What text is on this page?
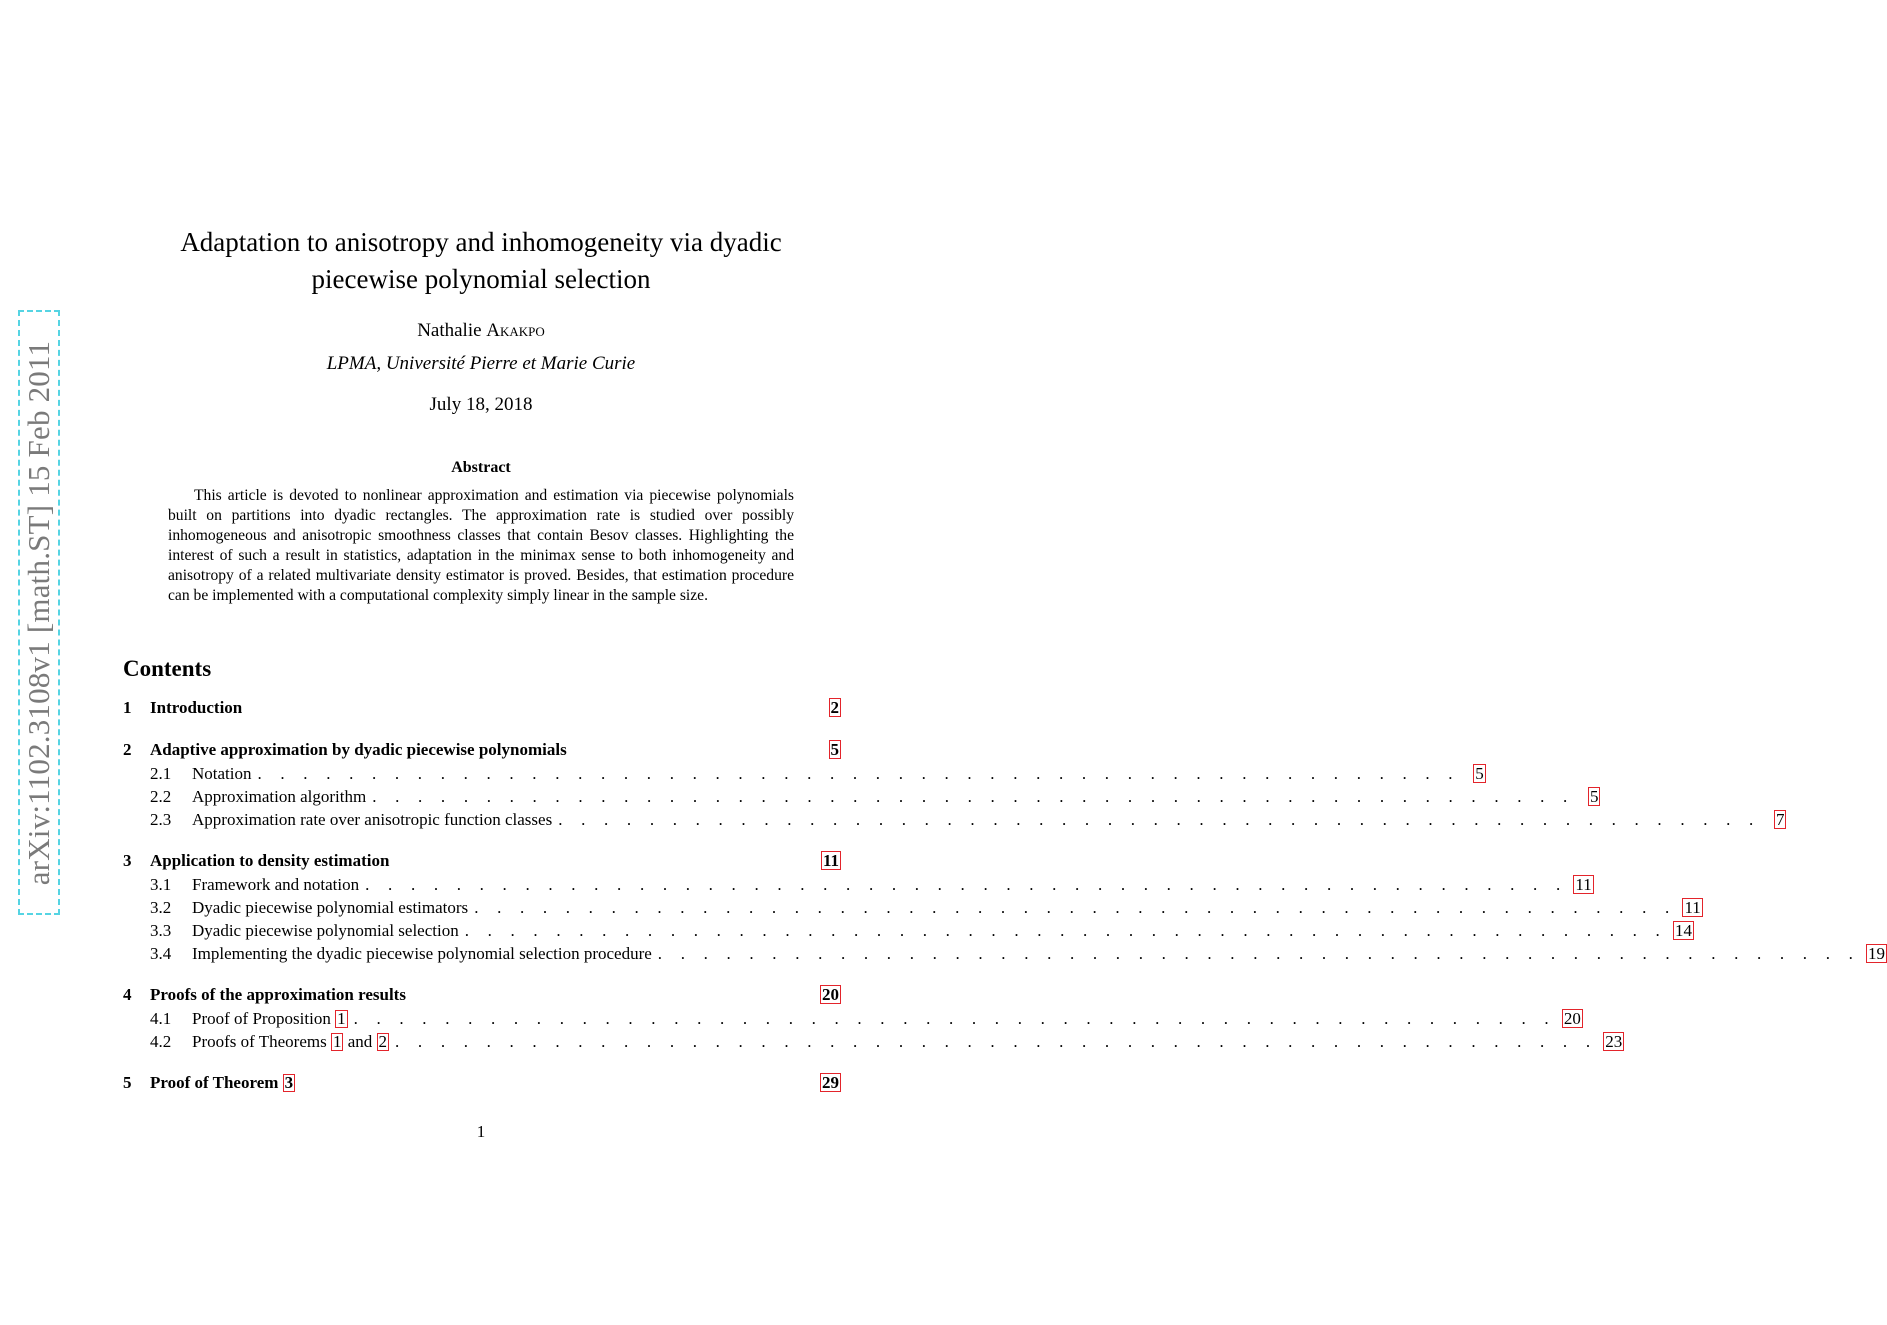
arXiv:1102.3108v1 [math.ST] 15 Feb 2011
Adaptation to anisotropy and inhomogeneity via dyadic
piecewise polynomial selection
Nathalie Akakpo
LPMA, Université Pierre et Marie Curie
July 18, 2018
Abstract

This article is devoted to nonlinear approximation and estimation via piecewise polynomials built on partitions into dyadic rectangles. The approximation rate is studied over possibly inhomogeneous and anisotropic smoothness classes that contain Besov classes. Highlighting the interest of such a result in statistics, adaptation in the minimax sense to both inhomogeneity and anisotropy of a related multivariate density estimator is proved. Besides, that estimation procedure can be implemented with a computational complexity simply linear in the sample size.

Contents
1	Introduction	2
2	Adaptive approximation by dyadic piecewise polynomials	5
2.1	Notation . . . . . . . . . . . . . . . . . . . . . . . . . . . . . . . . . . . . . . . . . . . . . . . . . . . . . 5
2.2	Approximation algorithm . . . . . . . . . . . . . . . . . . . . . . . . . . . . . . . . . . . . . . . . . . . . . . . . . . . . . 5
2.3	Approximation rate over anisotropic function classes . . . . . . . . . . . . . . . . . . . . . . . . . . . . . . . . . . . . . . . . . . . . . . . . . . . . . 7
3	Application to density estimation	11
3.1	Framework and notation . . . . . . . . . . . . . . . . . . . . . . . . . . . . . . . . . . . . . . . . . . . . . . . . . . . . . 11
3.2	Dyadic piecewise polynomial estimators . . . . . . . . . . . . . . . . . . . . . . . . . . . . . . . . . . . . . . . . . . . . . . . . . . . . . 11
3.3	Dyadic piecewise polynomial selection . . . . . . . . . . . . . . . . . . . . . . . . . . . . . . . . . . . . . . . . . . . . . . . . . . . . . 14
3.4	Implementing the dyadic piecewise polynomial selection procedure . . . . . . . . . . . . . . . . . . . . . . . . . . . . . . . . . . . . . . . . . . . . . . . . . . . . . 19
4	Proofs of the approximation results	20
4.1	Proof of Proposition 1 . . . . . . . . . . . . . . . . . . . . . . . . . . . . . . . . . . . . . . . . . . . . . . . . . . . . . 20
4.2	Proofs of Theorems 1 and 2 . . . . . . . . . . . . . . . . . . . . . . . . . . . . . . . . . . . . . . . . . . . . . . . . . . . . . 23
5	Proof of Theorem 3	29
1
